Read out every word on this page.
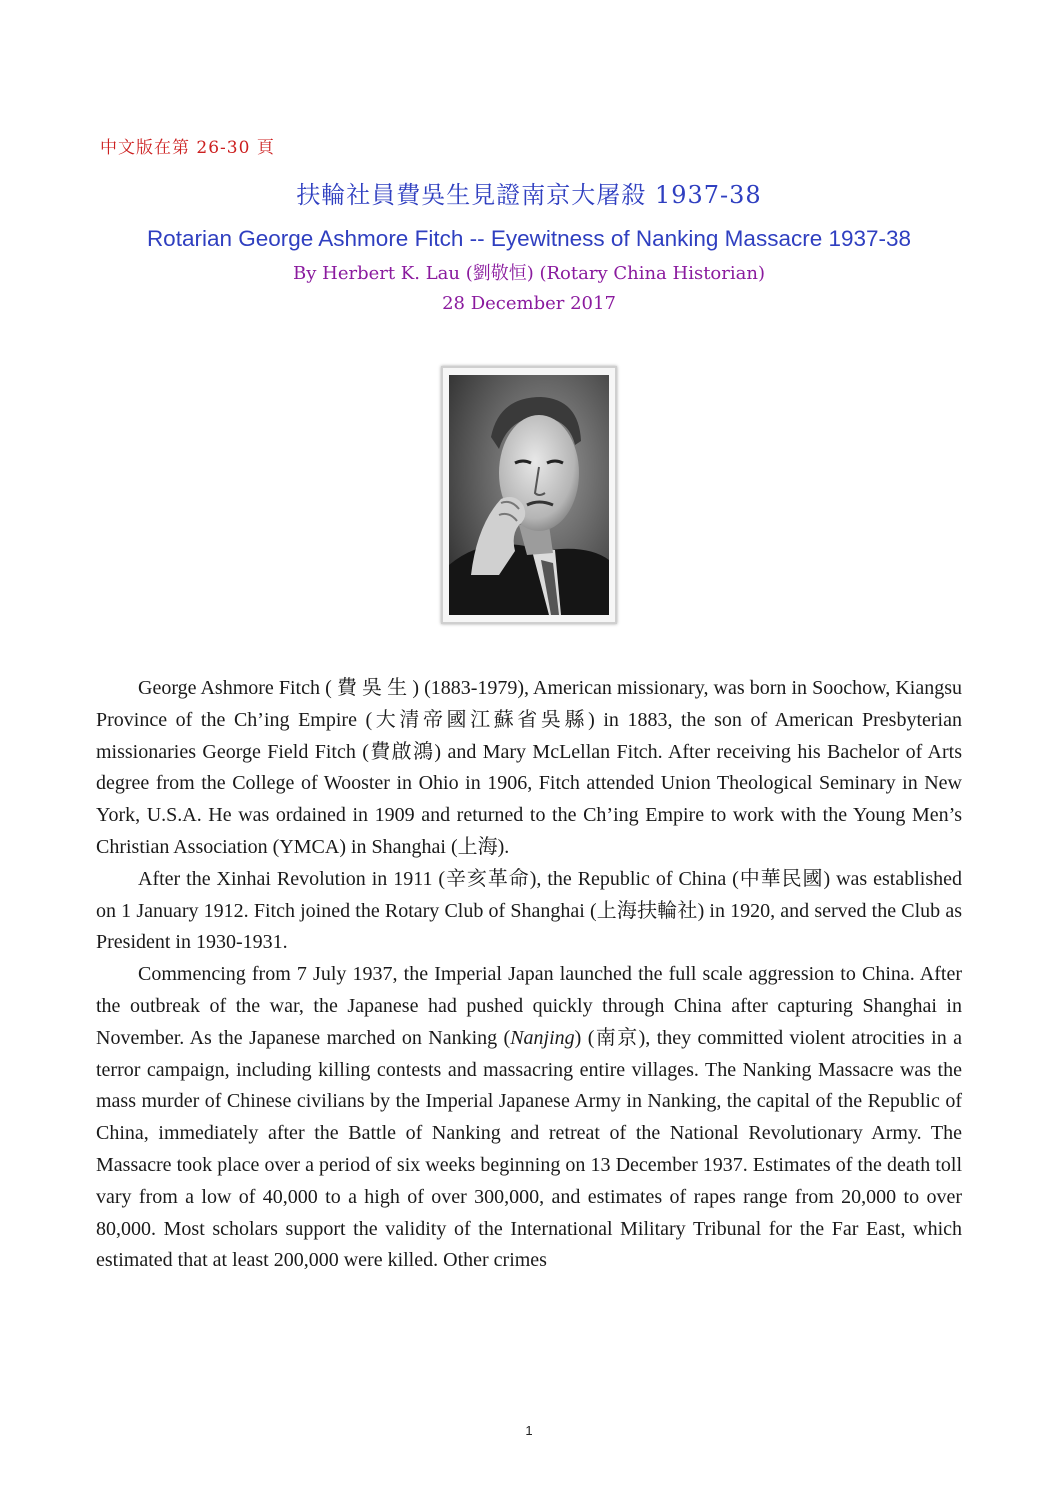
中文版在第 26-30 頁
扶輪社員費吳生見證南京大屠殺 1937-38
Rotarian George Ashmore Fitch -- Eyewitness of Nanking Massacre 1937-38
By Herbert K. Lau (劉敬恒) (Rotary China Historian)
28 December 2017

George Ashmore Fitch ( 費 吳 生 ) (1883-1979), American missionary, was born in Soochow, Kiangsu Province of the Ch’ing Empire (大清帝國江蘇省吳縣) in 1883, the son of American Presbyterian missionaries George Field Fitch (費啟鴻) and Mary McLellan Fitch. After receiving his Bachelor of Arts degree from the College of Wooster in Ohio in 1906, Fitch attended Union Theological Seminary in New York, U.S.A. He was ordained in 1909 and returned to the Ch’ing Empire to work with the Young Men’s Christian Association (YMCA) in Shanghai (上海).

After the Xinhai Revolution in 1911 (辛亥革命), the Republic of China (中華民國) was established on 1 January 1912. Fitch joined the Rotary Club of Shanghai (上海扶輪社) in 1920, and served the Club as President in 1930-1931.

Commencing from 7 July 1937, the Imperial Japan launched the full scale aggression to China. After the outbreak of the war, the Japanese had pushed quickly through China after capturing Shanghai in November. As the Japanese marched on Nanking (Nanjing) (南京), they committed violent atrocities in a terror campaign, including killing contests and massacring entire villages. The Nanking Massacre was the mass murder of Chinese civilians by the Imperial Japanese Army in Nanking, the capital of the Republic of China, immediately after the Battle of Nanking and retreat of the National Revolutionary Army. The Massacre took place over a period of six weeks beginning on 13 December 1937. Estimates of the death toll vary from a low of 40,000 to a high of over 300,000, and estimates of rapes range from 20,000 to over 80,000. Most scholars support the validity of the International Military Tribunal for the Far East, which estimated that at least 200,000 were killed. Other crimes

1
